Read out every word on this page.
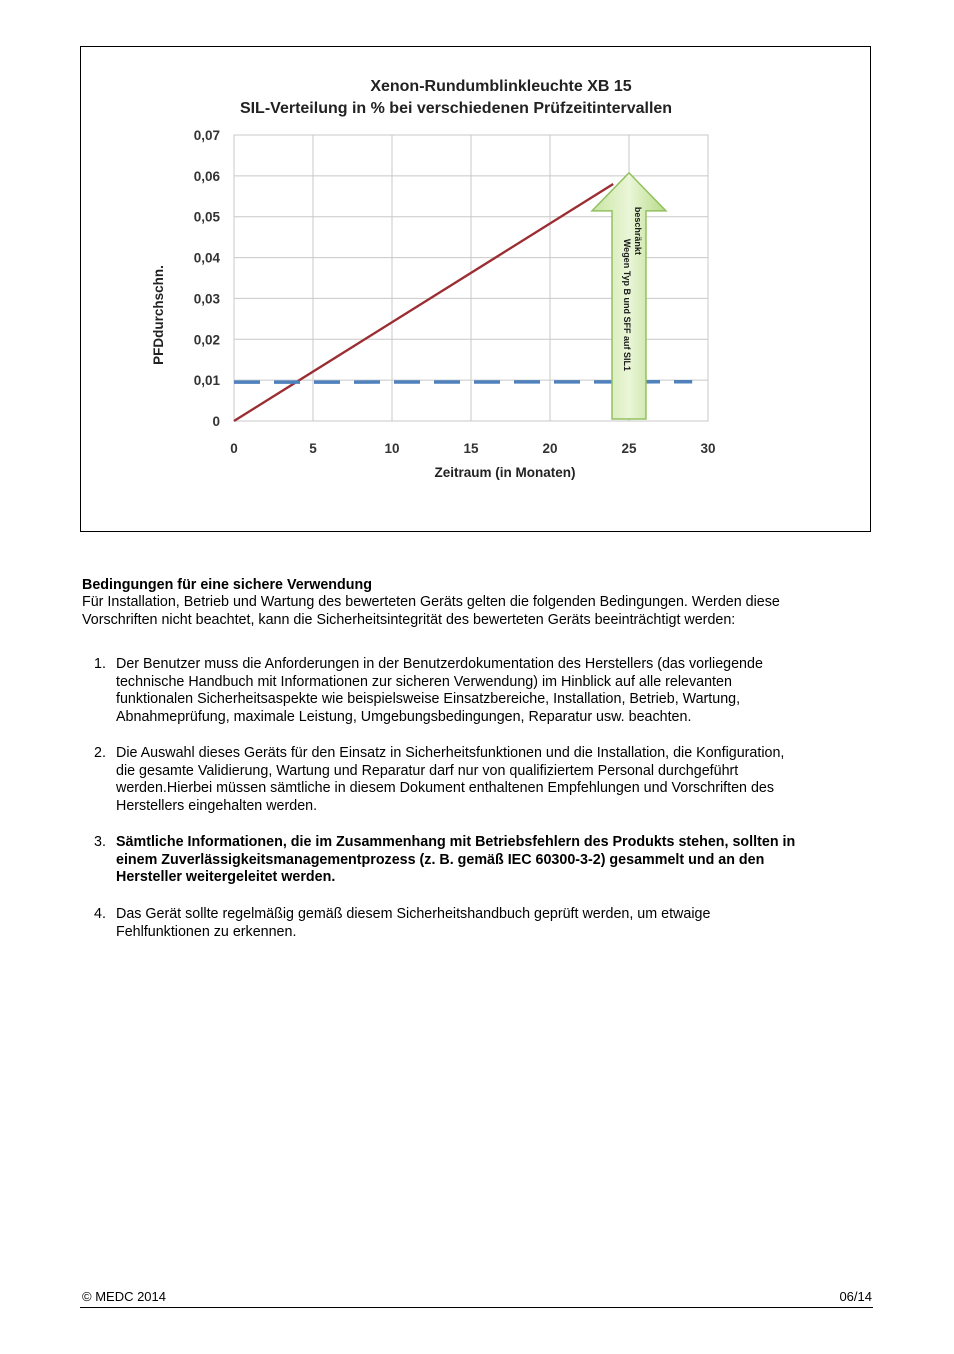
Xenon-Rundumblinkleuchte XB 15
SIL-Verteilung in % bei verschiedenen Prüfzeitintervallen
0	5	10	15	20	25	30
0
0,01
0,02
0,03
0,04
0,05
0,06
0,07
Wegen Typ B und SFF auf SIL1
beschränkt
Zeitraum (in Monaten)
PFDdurchschn.
Bedingungen für eine sichere Verwendung
Für Installation, Betrieb und Wartung des bewerteten Geräts gelten die folgenden Bedingungen. Werden diese
Vorschriften nicht beachtet, kann die Sicherheitsintegrität des bewerteten Geräts beeinträchtigt werden:
1. Der Benutzer muss die Anforderungen in der Benutzerdokumentation des Herstellers (das vorliegende
technische Handbuch mit Informationen zur sicheren Verwendung) im Hinblick auf alle relevanten
funktionalen Sicherheitsaspekte wie beispielsweise Einsatzbereiche, Installation, Betrieb, Wartung,
Abnahmeprüfung, maximale Leistung, Umgebungsbedingungen, Reparatur usw. beachten.
2. Die Auswahl dieses Geräts für den Einsatz in Sicherheitsfunktionen und die Installation, die Konfiguration,
die gesamte Validierung, Wartung und Reparatur darf nur von qualifiziertem Personal durchgeführt
werden.Hierbei müssen sämtliche in diesem Dokument enthaltenen Empfehlungen und Vorschriften des
Herstellers eingehalten werden.
3. Sämtliche Informationen, die im Zusammenhang mit Betriebsfehlern des Produkts stehen, sollten in
einem Zuverlässigkeitsmanagementprozess (z. B. gemäß IEC 60300-3-2) gesammelt und an den
Hersteller weitergeleitet werden.
4. Das Gerät sollte regelmäßig gemäß diesem Sicherheitshandbuch geprüft werden, um etwaige
Fehlfunktionen zu erkennen.
© MEDC 2014	06/14
